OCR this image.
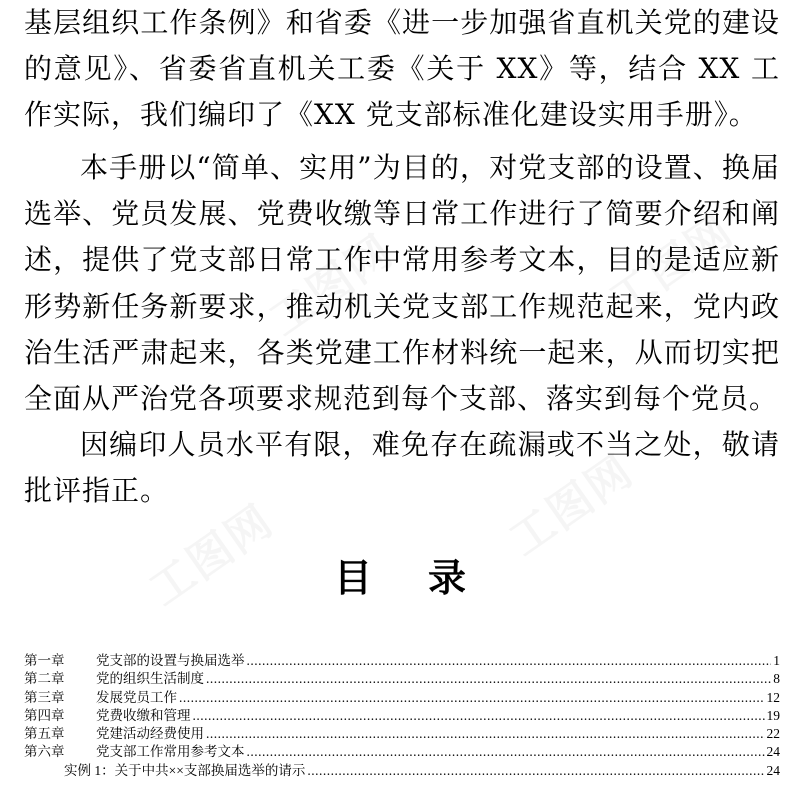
工图网	工图网
工图网
工图网

基层组织工作条例》和省委《进一步加强省直机关党的建设的意见》、省委省直机关工委《关于 XX》等，结合 XX 工作实际，我们编印了《XX 党支部标准化建设实用手册》。

本手册以“简单、实用”为目的，对党支部的设置、换届选举、党员发展、党费收缴等日常工作进行了简要介绍和阐述，提供了党支部日常工作中常用参考文本，目的是适应新形势新任务新要求，推动机关党支部工作规范起来，党内政治生活严肃起来，各类党建工作材料统一起来，从而切实把全面从严治党各项要求规范到每个支部、落实到每个党员。

因编印人员水平有限，难免存在疏漏或不当之处，敬请批评指正。

目录
第一章	党支部的设置与换届选举 .....	1
第二章	党的组织生活制度 .....	8
第三章	发展党员工作 .....	12
第四章	党费收缴和管理 .....	19
第五章	党建活动经费使用 .....	22
第六章	党支部工作常用参考文本 .....	24
实例 1：关于中共××支部换届选举的请示 .....	24
